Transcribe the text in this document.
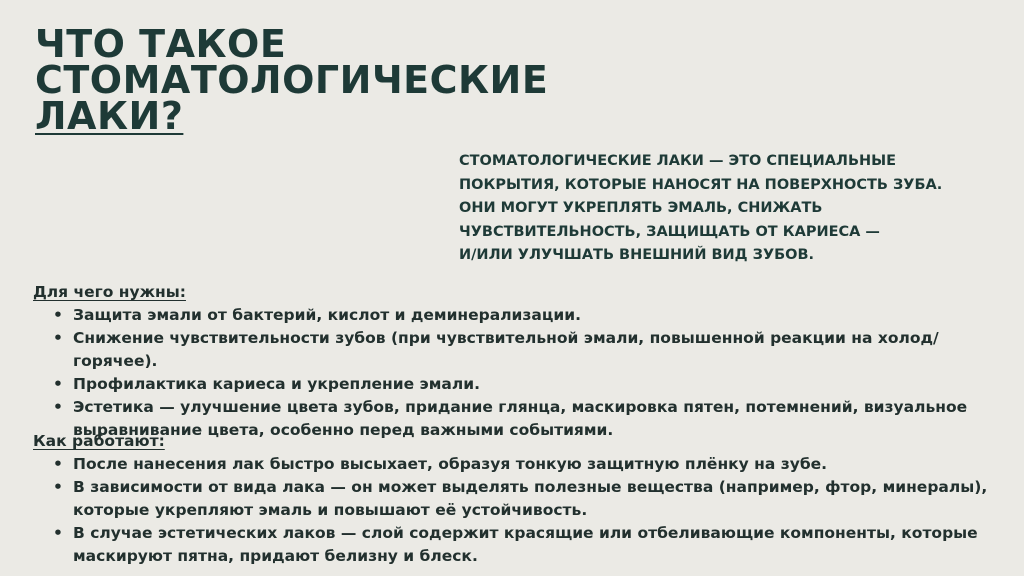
ЧТО ТАКОЕ
СТОМАТОЛОГИЧЕСКИЕ
ЛАКИ?
СТОМАТОЛОГИЧЕСКИЕ ЛАКИ — ЭТО СПЕЦИАЛЬНЫЕ
ПОКРЫТИЯ, КОТОРЫЕ НАНОСЯТ НА ПОВЕРХНОСТЬ ЗУБА.
ОНИ МОГУТ УКРЕПЛЯТЬ ЭМАЛЬ, СНИЖАТЬ
ЧУВСТВИТЕЛЬНОСТЬ, ЗАЩИЩАТЬ ОТ КАРИЕСА —
И/ИЛИ УЛУЧШАТЬ ВНЕШНИЙ ВИД ЗУБОВ.
Для чего нужны:
• Защита эмали от бактерий, кислот и деминерализации.
• Снижение чувствительности зубов (при чувствительной эмали, повышенной реакции на холод/горячее).
• Профилактика кариеса и укрепление эмали.
• Эстетика — улучшение цвета зубов, придание глянца, маскировка пятен, потемнений, визуальное выравнивание цвета, особенно перед важными событиями.
Как работают:
• После нанесения лак быстро высыхает, образуя тонкую защитную плёнку на зубе.
• В зависимости от вида лака — он может выделять полезные вещества (например, фтор, минералы), которые укрепляют эмаль и повышают её устойчивость.
• В случае эстетических лаков — слой содержит красящие или отбеливающие компоненты, которые маскируют пятна, придают белизну и блеск.
